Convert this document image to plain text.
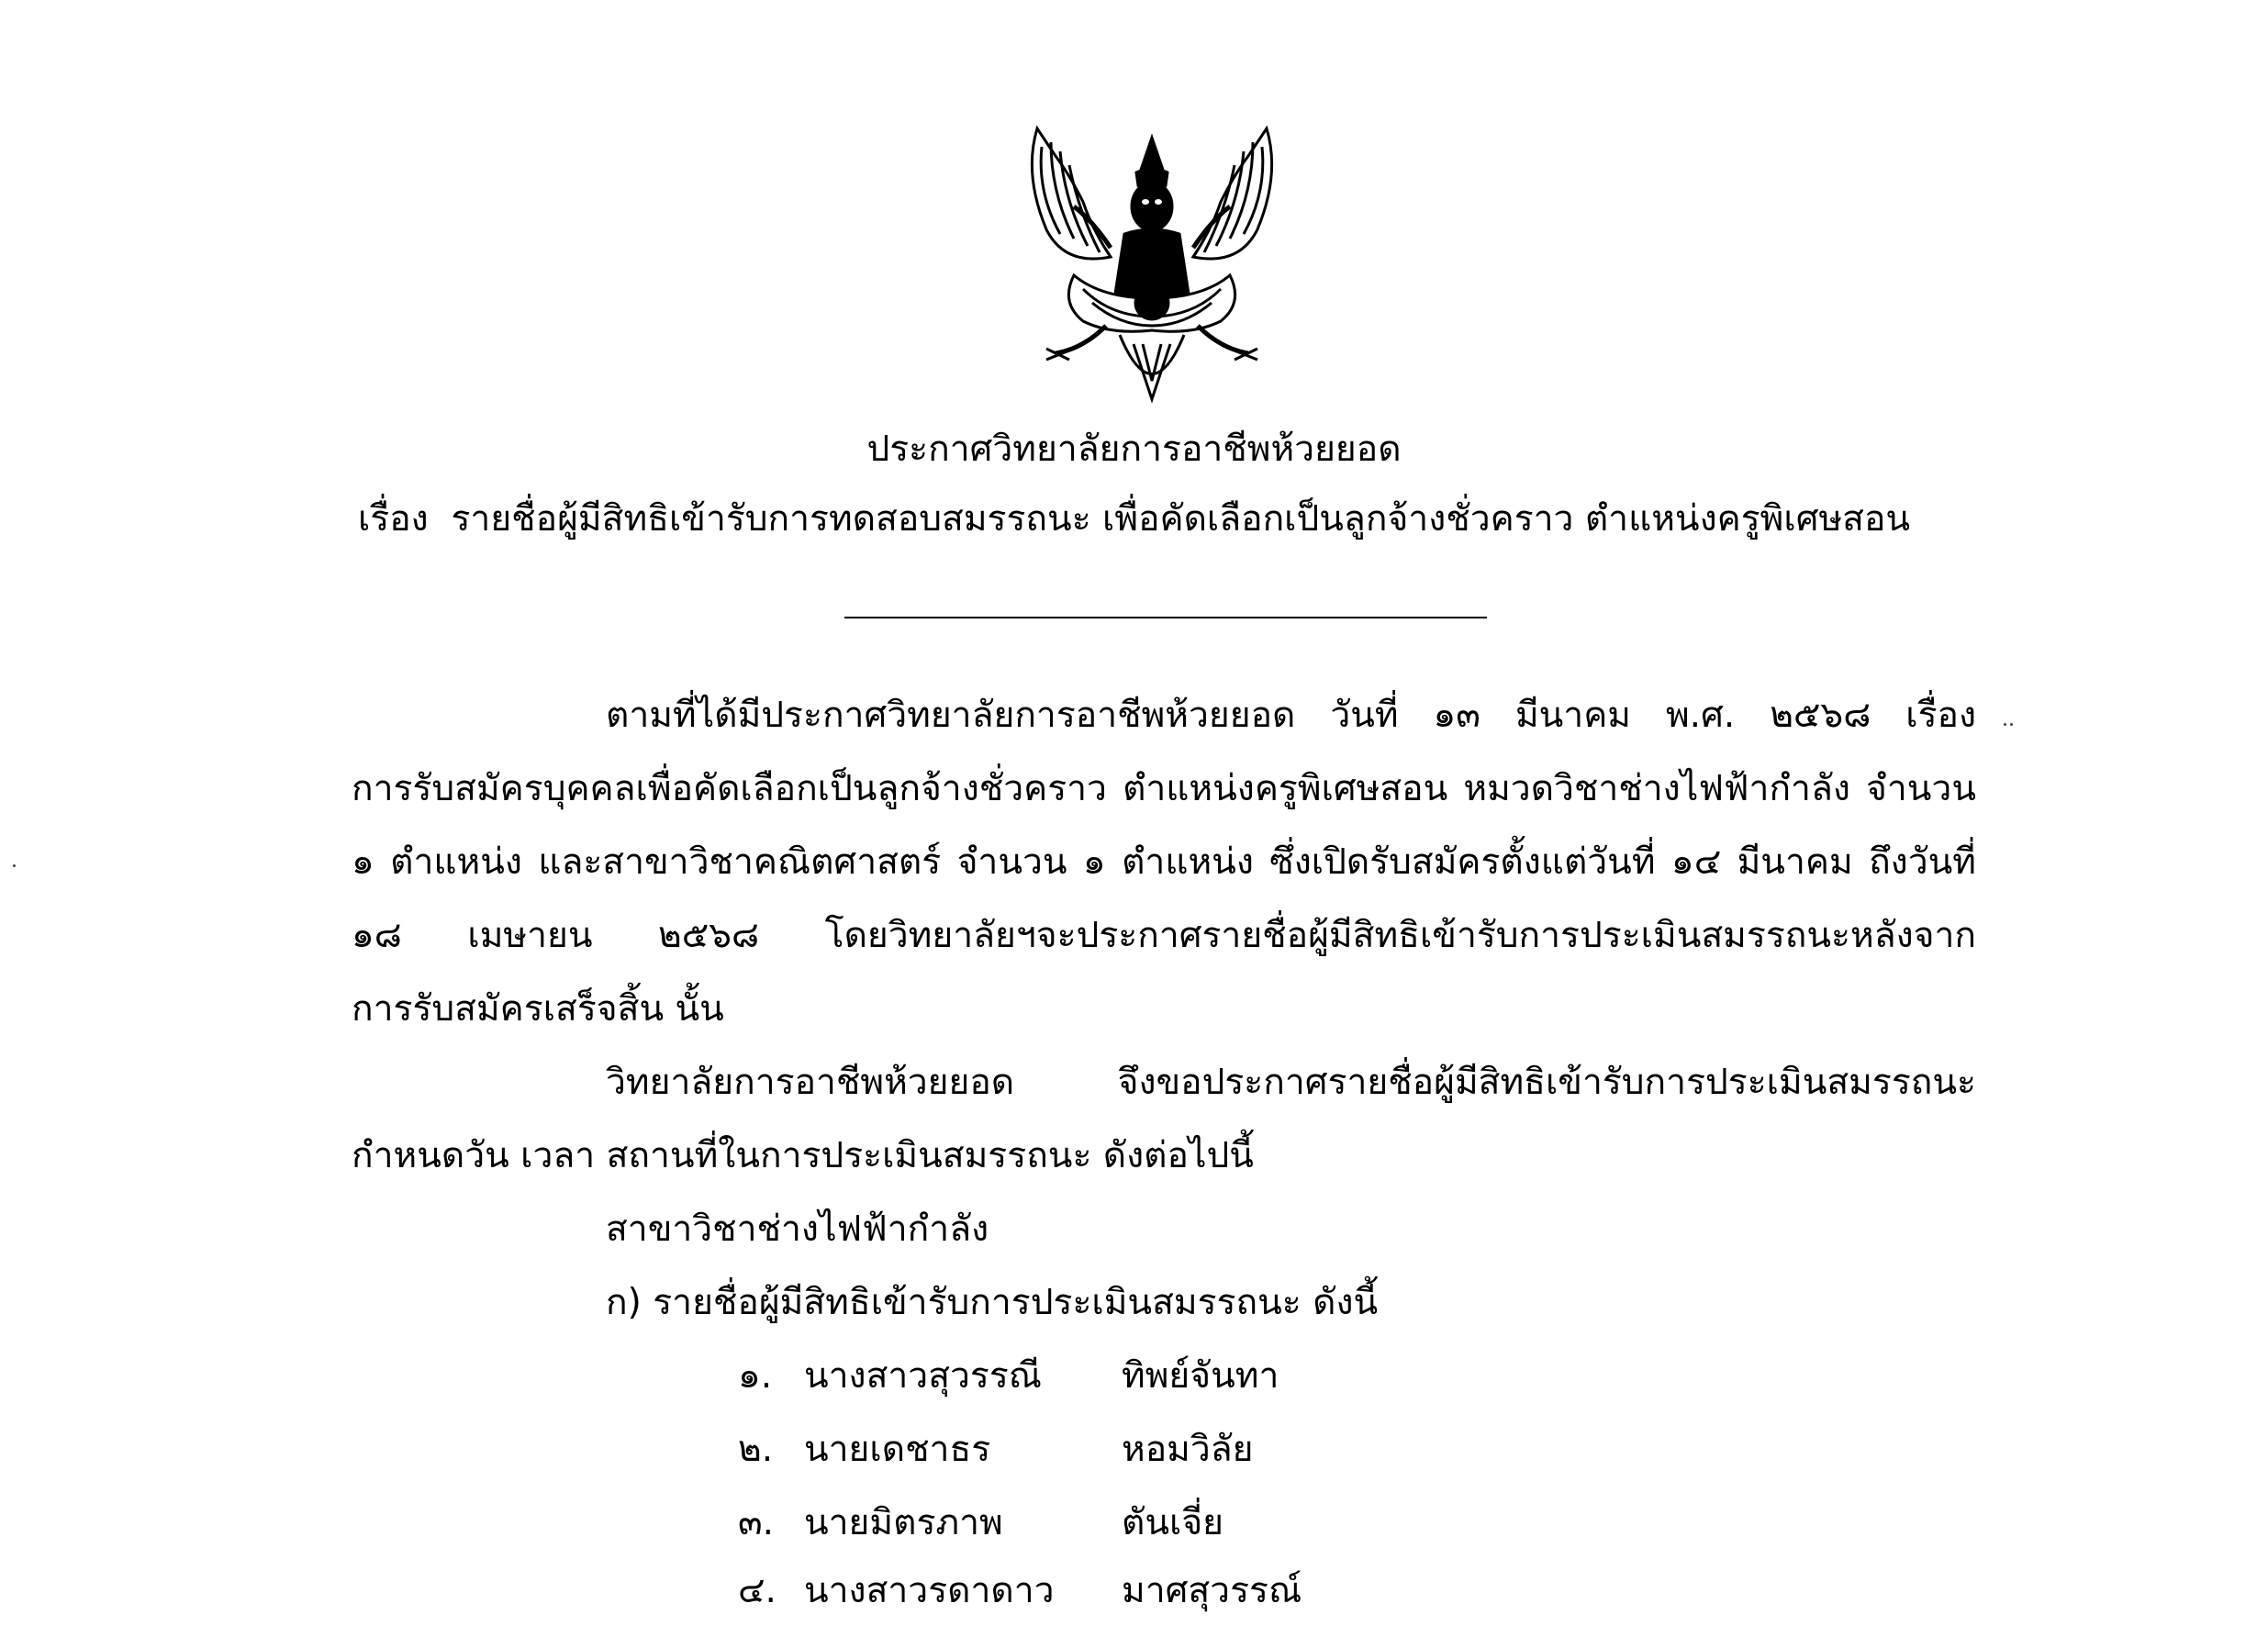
ประกาศวิทยาลัยการอาชีพห้วยยอด
เรื่อง รายชื่อผู้มีสิทธิเข้ารับการทดสอบสมรรถนะ เพื่อคัดเลือกเป็นลูกจ้างชั่วคราว ตำแหน่งครูพิเศษสอน
ตามที่ได้มีประกาศวิทยาลัยการอาชีพห้วยยอด วันที่ ๑๓ มีนาคม พ.ศ. ๒๕๖๘ เรื่อง
การรับสมัครบุคคลเพื่อคัดเลือกเป็นลูกจ้างชั่วคราว ตำแหน่งครูพิเศษสอน หมวดวิชาช่างไฟฟ้ากำลัง จำนวน
๑ ตำแหน่ง และสาขาวิชาคณิตศาสตร์ จำนวน ๑ ตำแหน่ง ซึ่งเปิดรับสมัครตั้งแต่วันที่ ๑๔ มีนาคม ถึงวันที่
๑๘ เมษายน ๒๕๖๘ โดยวิทยาลัยฯจะประกาศรายชื่อผู้มีสิทธิเข้ารับการประเมินสมรรถนะหลังจาก
การรับสมัครเสร็จสิ้น นั้น
วิทยาลัยการอาชีพห้วยยอด จึงขอประกาศรายชื่อผู้มีสิทธิเข้ารับการประเมินสมรรถนะ
กำหนดวัน เวลา สถานที่ในการประเมินสมรรถนะ ดังต่อไปนี้
สาขาวิชาช่างไฟฟ้ากำลัง
ก) รายชื่อผู้มีสิทธิเข้ารับการประเมินสมรรถนะ ดังนี้
๑. นางสาวสุวรรณี ทิพย์จันทา
๒. นายเดชาธร	หอมวิลัย
๓. นายมิตรภาพ	ตันเจี่ย
๔. นางสาวรดาดาว มาศสุวรรณ์
